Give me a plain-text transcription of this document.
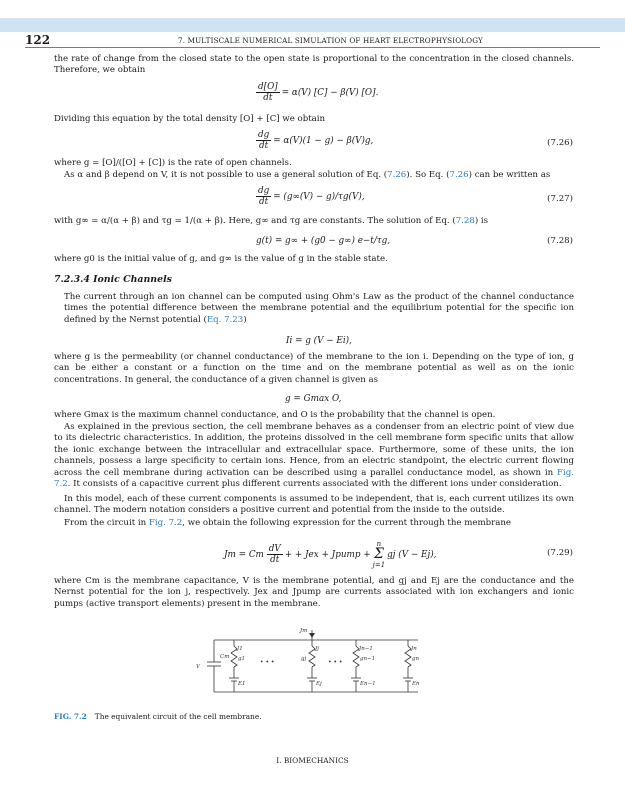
122	7. MULTISCALE NUMERICAL SIMULATION OF HEART ELECTROPHYSIOLOGY
the rate of change from the closed state to the open state is proportional to the concentration in the closed channels. Therefore, we obtain
$\frac{d[O]}{dt} = \alpha(V) [C] - \beta(V)$ [O].
Dividing this equation by the total density [O] + [C] we obtain
$\frac{dg}{dt} = \alpha(V)(1 - g) - \beta(V)g$,	(7.26)
where g = [O]/([O] + [C]) is the rate of open channels.
As α and β depend on V, it is not possible to use a general solution of Eq. (7.26). So Eq. (7.26) can be written as
$\frac{dg}{dt} = (g\infty(V) - g)/\tau g(V)$,	(7.27)
with g∞ = α/(α + β) and τg = 1/(α + β). Here, g∞ and τg are constants. The solution of Eq. (7.28) is
g(t) = g∞ + (g0 − g∞) e−t/τg,	(7.28)
where g0 is the initial value of g, and g∞ is the value of g in the stable state.
7.2.3.4 Ionic Channels
The current through an ion channel can be computed using Ohm's Law as the product of the channel conductance times the potential difference between the membrane potential and the equilibrium potential for the specific ion defined by the Nernst potential (Eq. 7.23)
Ii = g (V − Ei),
where g is the permeability (or channel conductance) of the membrane to the ion i. Depending on the type of ion, g can be either a constant or a function on the time and on the membrane potential as well as on the ionic concentrations. In general, the conductance of a given channel is given as
g = Gmax O,
where Gmax is the maximum channel conductance, and O is the probability that the channel is open.
As explained in the previous section, the cell membrane behaves as a condenser from an electric point of view due to its dielectric characteristics. In addition, the proteins dissolved in the cell membrane form specific units that allow the ionic exchange between the intracellular and extracellular space. Furthermore, some of these units, the ion channels, possess a large specificity to certain ions. Hence, from an electric standpoint, the electric current flowing across the cell membrane during activation can be described using a parallel conductance model, as shown in Fig. 7.2. It consists of a capacitive current plus different currents associated with the different ions under consideration.
In this model, each of these current components is assumed to be independent, that is, each current utilizes its own channel. The modern notation considers a positive current and potential from the inside to the outside.
From the circuit in Fig. 7.2, we obtain the following expression for the current through the membrane
Jm = Cm $\frac{dV}{dt}$ + + Jex + Jpump +n
Σ
j=1gj (V − Ej),	(7.29)
where Cm is the membrane capacitance, V is the membrane potential, and gj and Ej are the conductance and the Nernst potential for the ion j, respectively. Jex and Jpump are currents associated with ion exchangers and ionic pumps (active transport elements) present in the membrane.
Jm
V
Cm
J1	Jj	Jn−1	Jn
g1	gj	gn−1	gn
E1	Ej	En−1	En
• • •	• • •
FIG. 7.2 The equivalent circuit of the cell membrane.
I. BIOMECHANICS
